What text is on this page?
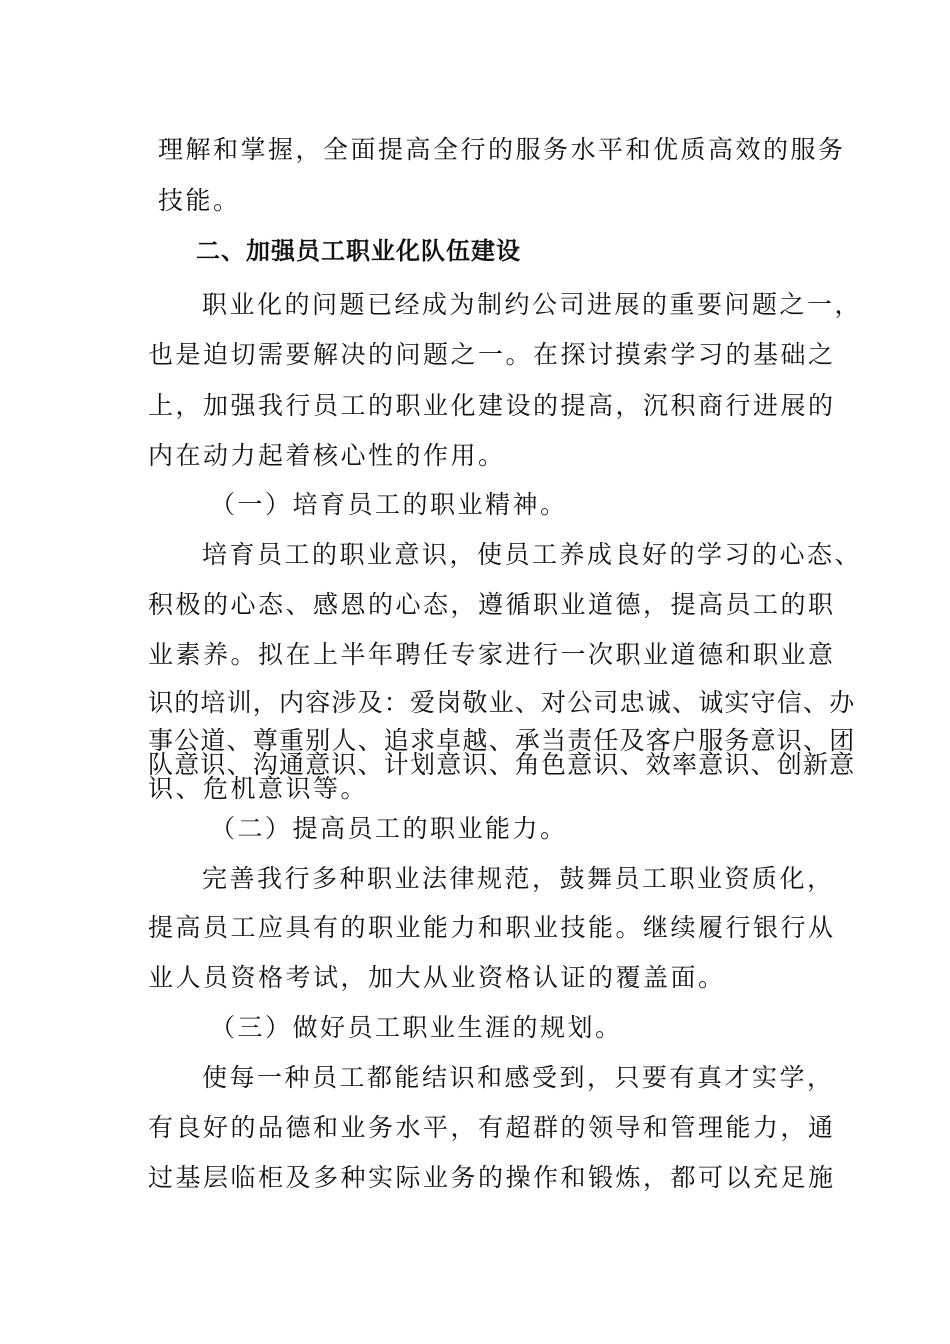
理解和掌握，全面提高全行的服务水平和优质高效的服务
技能。
二、加强员工职业化队伍建设
职业化的问题已经成为制约公司进展的重要问题之一，
也是迫切需要解决的问题之一。在探讨摸索学习的基础之
上，加强我行员工的职业化建设的提高，沉积商行进展的
内在动力起着核心性的作用。
（一）培育员工的职业精神。
培育员工的职业意识，使员工养成良好的学习的心态、
积极的心态、感恩的心态，遵循职业道德，提高员工的职
业素养。拟在上半年聘任专家进行一次职业道德和职业意
识的培训，内容涉及：爱岗敬业、对公司忠诚、诚实守信、办
事公道、尊重别人、追求卓越、承当责任及客户服务意识、团
队意识、沟通意识、计划意识、角色意识、效率意识、创新意
识、危机意识等。
（二）提高员工的职业能力。
完善我行多种职业法律规范，鼓舞员工职业资质化，
提高员工应具有的职业能力和职业技能。继续履行银行从
业人员资格考试，加大从业资格认证的覆盖面。
（三）做好员工职业生涯的规划。
使每一种员工都能结识和感受到，只要有真才实学，
有良好的品德和业务水平，有超群的领导和管理能力，通
过基层临柜及多种实际业务的操作和锻炼，都可以充足施
